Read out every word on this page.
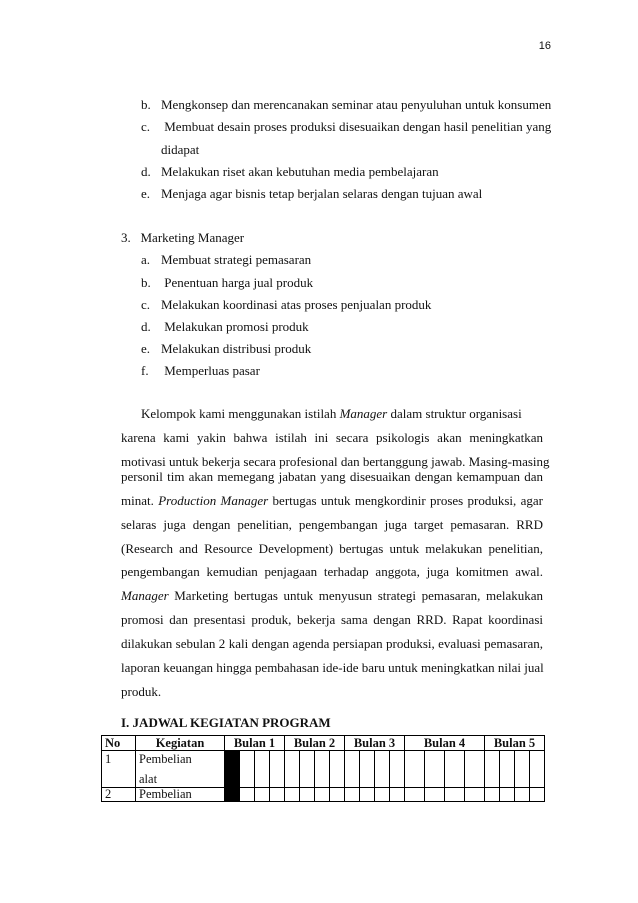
16
b. Mengkonsep dan merencanakan seminar atau penyuluhan untuk konsumen
c. Membuat desain proses produksi disesuaikan dengan hasil penelitian yang
didapat
d. Melakukan riset akan kebutuhan media pembelajaran
e. Menjaga agar bisnis tetap berjalan selaras dengan tujuan awal
3.   Marketing Manager
a. Membuat strategi pemasaran
b. Penentuan harga jual produk
c. Melakukan koordinasi atas proses penjualan produk
d. Melakukan promosi produk
e. Melakukan distribusi produk
f. Memperluas pasar
Kelompok kami menggunakan istilah Manager dalam struktur organisasi
karena kami yakin bahwa istilah ini secara psikologis akan meningkatkan
motivasi untuk bekerja secara profesional dan bertanggung jawab. Masing-masing
personil tim akan memegang jabatan yang disesuaikan dengan kemampuan dan
minat. Production Manager bertugas untuk mengkordinir proses produksi, agar
selaras juga dengan penelitian, pengembangan juga target pemasaran. RRD
(Research and Resource Development) bertugas untuk melakukan penelitian,
pengembangan kemudian penjagaan terhadap anggota, juga komitmen awal.
Manager Marketing bertugas untuk menyusun strategi pemasaran, melakukan
promosi dan presentasi produk, bekerja sama dengan RRD. Rapat koordinasi
dilakukan sebulan 2 kali dengan agenda persiapan produksi, evaluasi pemasaran,
laporan keuangan hingga pembahasan ide-ide baru untuk meningkatkan nilai jual
produk.
I. JADWAL KEGIATAN PROGRAM
No	Kegiatan	Bulan 1				Bulan 2				Bulan 3				Bulan 4				Bulan 5			
1	Pembelian
alat																				

2	Pembelian																				
